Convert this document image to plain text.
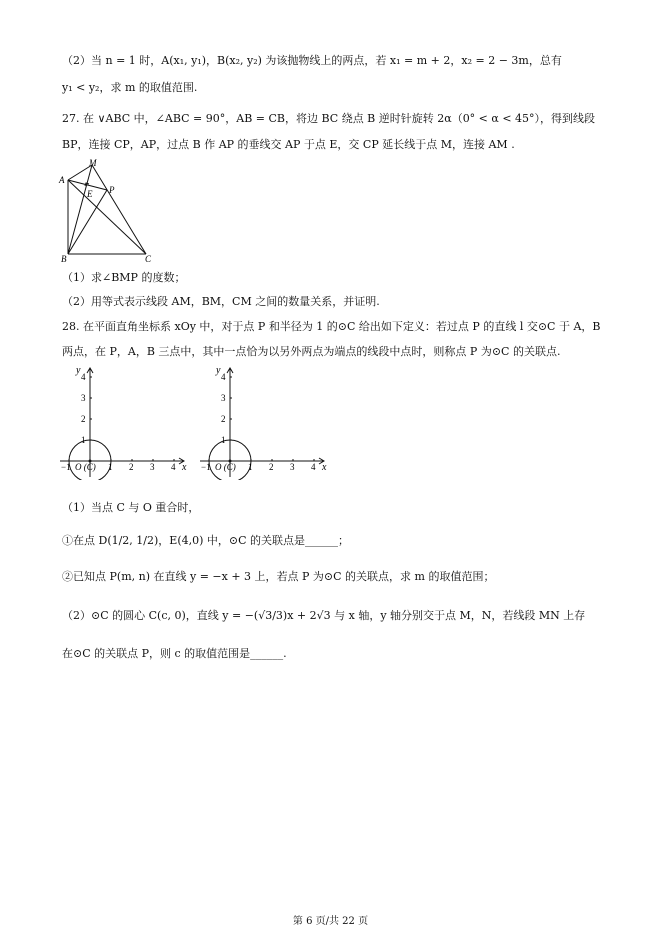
（2）当 n = 1 时，A(x₁, y₁)，B(x₂, y₂) 为该抛物线上的两点，若 x₁ = m + 2，x₂ = 2 − 3m，总有
y₁ < y₂，求 m 的取值范围.
27. 在 ∨ABC 中，∠ABC = 90°，AB = CB，将边 BC 绕点 B 逆时针旋转 2α（0° < α < 45°），得到线段
BP，连接 CP，AP，过点 B 作 AP 的垂线交 AP 于点 E，交 CP 延长线于点 M，连接 AM .
M
A
P
E
B	C
（1）求∠BMP 的度数；
（2）用等式表示线段 AM，BM，CM 之间的数量关系，并证明.
28. 在平面直角坐标系 xOy 中，对于点 P 和半径为 1 的⊙C 给出如下定义：若过点 P 的直线 l 交⊙C 于 A，B
两点，在 P，A，B 三点中，其中一点恰为以另外两点为端点的线段中点时，则称点 P 为⊙C 的关联点.
x
y
−1	1 2 3 4
1
2
3
4
O (C)	x
y
−1	1 2 3 4
1
2
3
4
O (C)
（1）当点 C 与 O 重合时，
①在点 D(1/2, 1/2)，E(4,0) 中，⊙C 的关联点是______；
②已知点 P(m, n) 在直线 y = −x + 3 上，若点 P 为⊙C 的关联点，求 m 的取值范围；
（2）⊙C 的圆心 C(c, 0)，直线 y = −(√3/3)x + 2√3 与 x 轴，y 轴分别交于点 M，N，若线段 MN 上存
在⊙C 的关联点 P，则 c 的取值范围是______.
第 6 页/共 22 页
